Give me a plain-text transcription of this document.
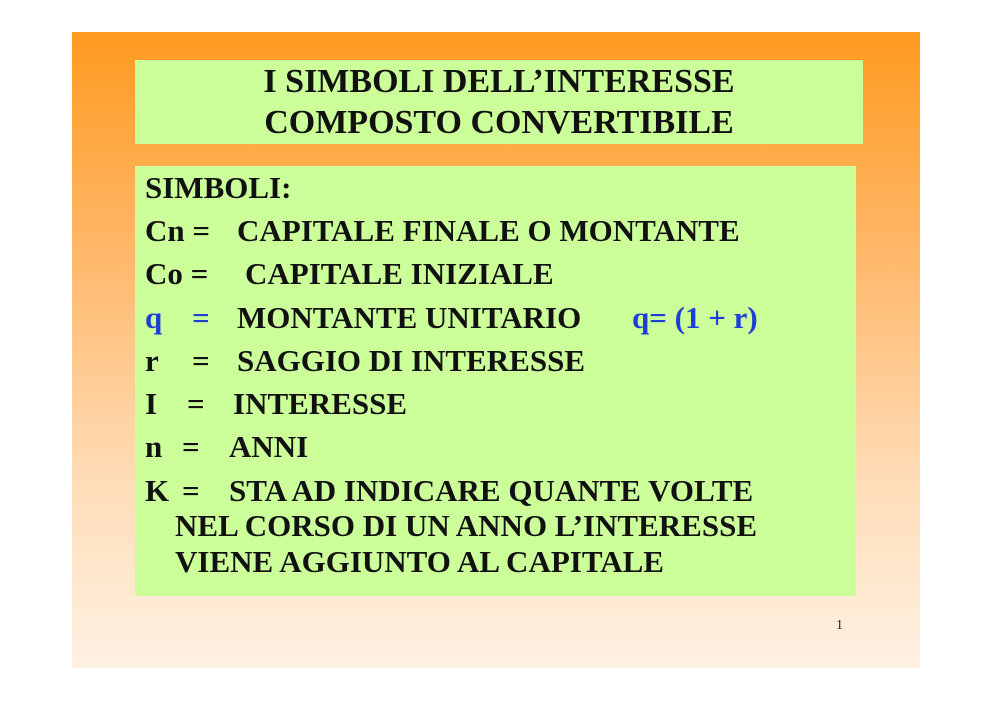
I SIMBOLI DELL’INTERESSE
COMPOSTO CONVERTIBILE
SIMBOLI:
Cn = CAPITALE FINALE O MONTANTE
Co = CAPITALE INIZIALE
q = MONTANTE UNITARIO q= (1 + r)
r = SAGGIO DI INTERESSE
I = INTERESSE
n = ANNI
K = STA AD INDICARE QUANTE VOLTE
NEL CORSO DI UN ANNO L’INTERESSE
VIENE AGGIUNTO AL CAPITALE
1
